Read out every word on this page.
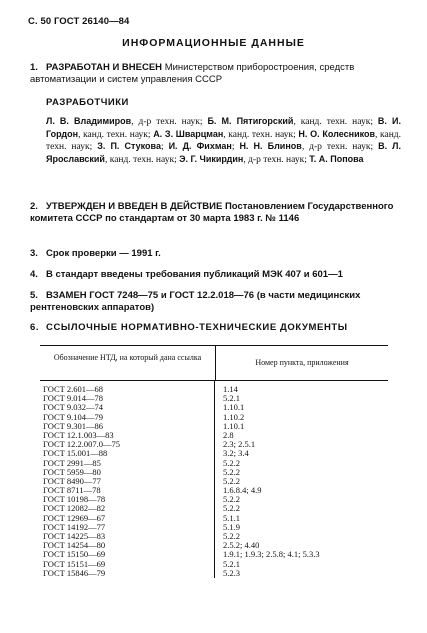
С. 50 ГОСТ 26140—84
ИНФОРМАЦИОННЫЕ ДАННЫЕ
1. РАЗРАБОТАН И ВНЕСЕН Министерством приборостроения, средств автоматизации и систем управления СССР
РАЗРАБОТЧИКИ
Л. В. Владимиров, д-р техн. наук; Б. М. Пятигорский, канд. техн. наук; В. И. Гордон, канд. техн. наук; А. З. Шварцман, канд. техн. наук; Н. О. Колесников, канд. техн. наук; З. П. Стукова; И. Д. Фихман; Н. Н. Блинов, д-р техн. наук; В. Л. Ярославский, канд. техн. наук; Э. Г. Чикирдин, д-р техн. наук; Т. А. Попова
2. УТВЕРЖДЕН И ВВЕДЕН В ДЕЙСТВИЕ Постановлением Государственного комитета СССР по стандартам от 30 марта 1983 г. № 1146
3. Срок проверки — 1991 г.
4. В стандарт введены требования публикаций МЭК 407 и 601—1
5. ВЗАМЕН ГОСТ 7248—75 и ГОСТ 12.2.018—76 (в части медицинских рентгеновских аппаратов)
6. ССЫЛОЧНЫЕ НОРМАТИВНО-ТЕХНИЧЕСКИЕ ДОКУМЕНТЫ
Обозначение НТД, на который дана ссылка
Номер пункта, приложения
ГОСТ 2.601—68
ГОСТ 9.014—78
ГОСТ 9.032—74
ГОСТ 9.104—79
ГОСТ 9.301—86
ГОСТ 12.1.003—83
ГОСТ 12.2.007.0—75
ГОСТ 15.001—88
ГОСТ 2991—85
ГОСТ 5959—80
ГОСТ 8490—77
ГОСТ 8711—78
ГОСТ 10198—78
ГОСТ 12082—82
ГОСТ 12969—67
ГОСТ 14192—77
ГОСТ 14225—83
ГОСТ 14254—80
ГОСТ 15150—69
ГОСТ 15151—69
ГОСТ 15846—79
1.14
5.2.1
1.10.1
1.10.2
1.10.1
2.8
2.3; 2.5.1
3.2; 3.4
5.2.2
5.2.2
5.2.2
1.6.8.4; 4.9
5.2.2
5.2.2
5.1.1
5.1.9
5.2.2
2.5.2; 4.40
1.9.1; 1.9.3; 2.5.8; 4.1; 5.3.3
5.2.1
5.2.3
